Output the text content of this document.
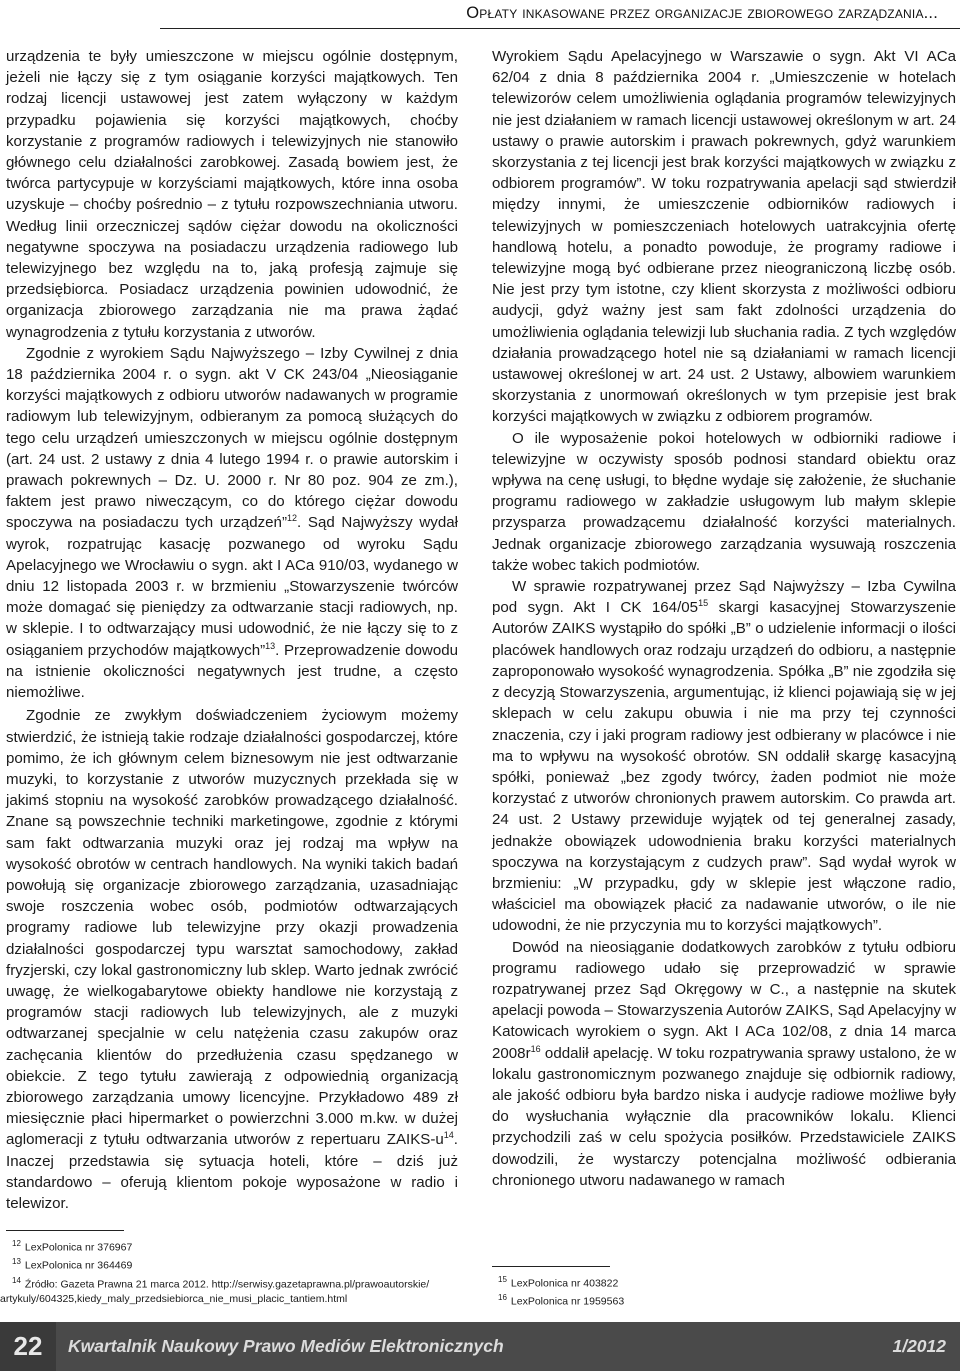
Opłaty inkasowane przez organizacje zbiorowego zarządzania...

urządzenia te były umieszczone w miejscu ogólnie dostępnym, jeżeli nie łączy się z tym osiąganie korzyści majątkowych. Ten rodzaj licencji ustawowej jest zatem wyłączony w każdym przypadku pojawienia się korzyści majątkowych, choćby korzystanie z programów radiowych i telewizyjnych nie stanowiło głównego celu działalności zarobkowej. Zasadą bowiem jest, że twórca partycypuje w korzyściami majątkowych, które inna osoba uzyskuje – choćby pośrednio – z tytułu rozpowszechniania utworu. Według linii orzeczniczej sądów ciężar dowodu na okoliczności negatywne spoczywa na posiadaczu urządzenia radiowego lub telewizyjnego bez względu na to, jaką profesją zajmuje się przedsiębiorca. Posiadacz urządzenia powinien udowodnić, że organizacja zbiorowego zarządzania nie ma prawa żądać wynagrodzenia z tytułu korzystania z utworów.

Zgodnie z wyrokiem Sądu Najwyższego – Izby Cywilnej z dnia 18 października 2004 r. o sygn. akt V CK 243/04 „Nieosiąganie korzyści majątkowych z odbioru utworów nadawanych w programie radiowym lub telewizyjnym, odbieranym za pomocą służących do tego celu urządzeń umieszczonych w miejscu ogólnie dostępnym (art. 24 ust. 2 ustawy z dnia 4 lutego 1994 r. o prawie autorskim i prawach pokrewnych – Dz. U. 2000 r. Nr 80 poz. 904 ze zm.), faktem jest prawo niweczącym, co do którego ciężar dowodu spoczywa na posiadaczu tych urządzeń”$^{12}$. Sąd Najwyższy wydał wyrok, rozpatrując kasację pozwanego od wyroku Sądu Apelacyjnego we Wrocławiu o sygn. akt I ACa 910/03, wydanego w dniu 12 listopada 2003 r. w brzmieniu „Stowarzyszenie twórców może domagać się pieniędzy za odtwarzanie stacji radiowych, np. w sklepie. I to odtwarzający musi udowodnić, że nie łączy się to z osiąganiem przychodów majątkowych”$^{13}$. Przeprowadzenie dowodu na istnienie okoliczności negatywnych jest trudne, a często niemożliwe.

Zgodnie ze zwykłym doświadczeniem życiowym możemy stwierdzić, że istnieją takie rodzaje działalności gospodarczej, które pomimo, że ich głównym celem biznesowym nie jest odtwarzanie muzyki, to korzystanie z utworów muzycznych przekłada się w jakimś stopniu na wysokość zarobków prowadzącego działalność. Znane są powszechnie techniki marketingowe, zgodnie z którymi sam fakt odtwarzania muzyki oraz jej rodzaj ma wpływ na wysokość obrotów w centrach handlowych. Na wyniki takich badań powołują się organizacje zbiorowego zarządzania, uzasadniając swoje roszczenia wobec osób, podmiotów odtwarzających programy radiowe lub telewizyjne przy okazji prowadzenia działalności gospodarczej typu warsztat samochodowy, zakład fryzjerski, czy lokal gastronomiczny lub sklep. Warto jednak zwrócić uwagę, że wielkogabarytowe obiekty handlowe nie korzystają z programów stacji radiowych lub telewizyjnych, ale z muzyki odtwarzanej specjalnie w celu natężenia czasu zakupów oraz zachęcania klientów do przedłużenia czasu spędzanego w obiekcie. Z tego tytułu zawierają z odpowiednią organizacją zbiorowego zarządzania umowy licencyjne. Przykładowo 489 zł miesięcznie płaci hipermarket o powierzchni 3.000 m.kw. w dużej aglomeracji z tytułu odtwarzania utworów z repertuaru ZAIKS-u$^{14}$. Inaczej przedstawia się sytuacja hoteli, które – dziś już standardowo – oferują klientom pokoje wyposażone w radio i telewizor.

Wyrokiem Sądu Apelacyjnego w Warszawie o sygn. Akt VI ACa 62/04 z dnia 8 października 2004 r. „Umieszczenie w hotelach telewizorów celem umożliwienia oglądania programów telewizyjnych nie jest działaniem w ramach licencji ustawowej określonym w art. 24 ustawy o prawie autorskim i prawach pokrewnych, gdyż warunkiem skorzystania z tej licencji jest brak korzyści majątkowych w związku z odbiorem programów”. W toku rozpatrywania apelacji sąd stwierdził między innymi, że umieszczenie odbiorników radiowych i telewizyjnych w pomieszczeniach hotelowych uatrakcyjnia ofertę handlową hotelu, a ponadto powoduje, że programy radiowe i telewizyjne mogą być odbierane przez nieograniczoną liczbę osób. Nie jest przy tym istotne, czy klient skorzysta z możliwości odbioru audycji, gdyż ważny jest sam fakt zdolności urządzenia do umożliwienia oglądania telewizji lub słuchania radia. Z tych względów działania prowadzącego hotel nie są działaniami w ramach licencji ustawowej określonej w art. 24 ust. 2 Ustawy, albowiem warunkiem skorzystania z unormowań określonych w tym przepisie jest brak korzyści majątkowych w związku z odbiorem programów.

O ile wyposażenie pokoi hotelowych w odbiorniki radiowe i telewizyjne w oczywisty sposób podnosi standard obiektu oraz wpływa na cenę usługi, to błędne wydaje się założenie, że słuchanie programu radiowego w zakładzie usługowym lub małym sklepie przysparza prowadzącemu działalność korzyści materialnych. Jednak organizacje zbiorowego zarządzania wysuwają roszczenia także wobec takich podmiotów.

W sprawie rozpatrywanej przez Sąd Najwyższy – Izba Cywilna pod sygn. Akt I CK 164/05$^{15}$ skargi kasacyjnej Stowarzyszenie Autorów ZAIKS wystąpiło do spółki „B” o udzielenie informacji o ilości placówek handlowych oraz rodzaju urządzeń do odbioru, a następnie zaproponowało wysokość wynagrodzenia. Spółka „B” nie zgodziła się z decyzją Stowarzyszenia, argumentując, iż klienci pojawiają się w jej sklepach w celu zakupu obuwia i nie ma przy tej czynności znaczenia, czy i jaki program radiowy jest odbierany w placówce i nie ma to wpływu na wysokość obrotów. SN oddalił skargę kasacyjną spółki, ponieważ „bez zgody twórcy, żaden podmiot nie może korzystać z utworów chronionych prawem autorskim. Co prawda art. 24 ust. 2 Ustawy przewiduje wyjątek od tej generalnej zasady, jednakże obowiązek udowodnienia braku korzyści materialnych spoczywa na korzystającym z cudzych praw”. Sąd wydał wyrok w brzmieniu: „W przypadku, gdy w sklepie jest włączone radio, właściciel ma obowiązek płacić za nadawanie utworów, o ile nie udowodni, że nie przyczynia mu to korzyści majątkowych”.

Dowód na nieosiąganie dodatkowych zarobków z tytułu odbioru programu radiowego udało się przeprowadzić w sprawie rozpatrywanej przez Sąd Okręgowy w C., a następnie na skutek apelacji powoda – Stowarzyszenia Autorów ZAIKS, Sąd Apelacyjny w Katowicach wyrokiem o sygn. Akt I ACa 102/08, z dnia 14 marca 2008r$^{16}$ oddalił apelację. W toku rozpatrywania sprawy ustalono, że w lokalu gastronomicznym pozwanego znajduje się odbiornik radiowy, ale jakość odbioru była bardzo niska i audycje radiowe możliwe były do wysłuchania wyłącznie dla pracowników lokalu. Klienci przychodzili zaś w celu spożycia posiłków. Przedstawiciele ZAIKS dowodzili, że wystarczy potencjalna możliwość odbierania chronionego utworu nadawanego w ramach

$^{12}$ LexPolonica nr 376967
$^{13}$ LexPolonica nr 364469
$^{14}$ Źródło: Gazeta Prawna 21 marca 2012. http://serwisy.gazetaprawna.pl/prawoautorskie/
artykuly/604325,kiedy_maly_przedsiebiorca_nie_musi_placic_tantiem.html
$^{15}$ LexPolonica nr 403822
$^{16}$ LexPolonica nr 1959563
22	Kwartalnik Naukowy Prawo Mediów Elektronicznych	1/2012
